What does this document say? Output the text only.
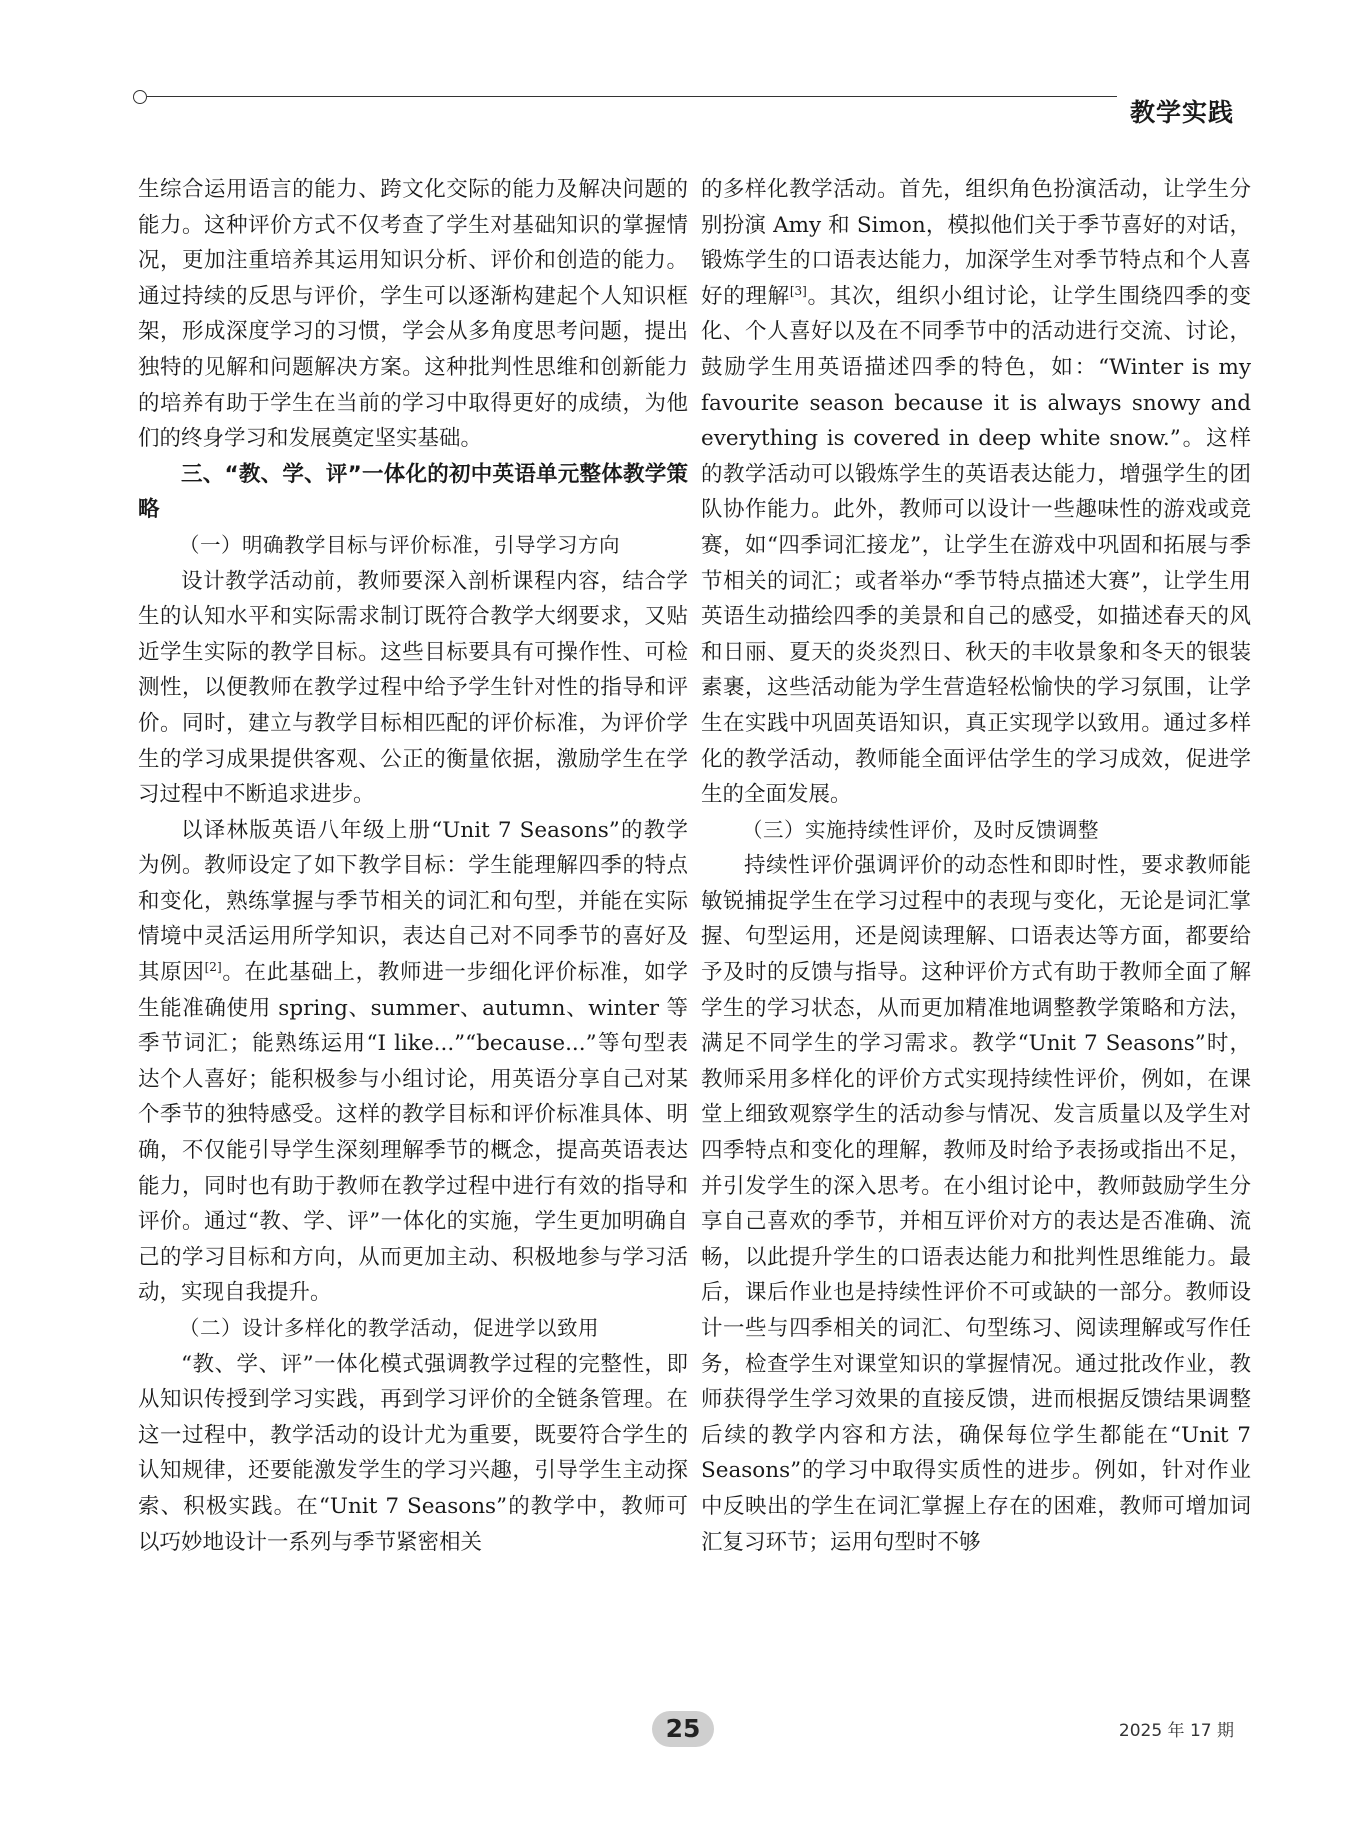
教学实践

生综合运用语言的能力、跨文化交际的能力及解决问题的能力。这种评价方式不仅考查了学生对基础知识的掌握情况，更加注重培养其运用知识分析、评价和创造的能力。通过持续的反思与评价，学生可以逐渐构建起个人知识框架，形成深度学习的习惯，学会从多角度思考问题，提出独特的见解和问题解决方案。这种批判性思维和创新能力的培养有助于学生在当前的学习中取得更好的成绩，为他们的终身学习和发展奠定坚实基础。

三、“教、学、评”一体化的初中英语单元整体教学策略

（一）明确教学目标与评价标准，引导学习方向

设计教学活动前，教师要深入剖析课程内容，结合学生的认知水平和实际需求制订既符合教学大纲要求，又贴近学生实际的教学目标。这些目标要具有可操作性、可检测性，以便教师在教学过程中给予学生针对性的指导和评价。同时，建立与教学目标相匹配的评价标准，为评价学生的学习成果提供客观、公正的衡量依据，激励学生在学习过程中不断追求进步。

以译林版英语八年级上册“Unit 7 Seasons”的教学为例。教师设定了如下教学目标：学生能理解四季的特点和变化，熟练掌握与季节相关的词汇和句型，并能在实际情境中灵活运用所学知识，表达自己对不同季节的喜好及其原因[2]。在此基础上，教师进一步细化评价标准，如学生能准确使用 spring、summer、autumn、winter 等季节词汇；能熟练运用“I like...”“because...”等句型表达个人喜好；能积极参与小组讨论，用英语分享自己对某个季节的独特感受。这样的教学目标和评价标准具体、明确，不仅能引导学生深刻理解季节的概念，提高英语表达能力，同时也有助于教师在教学过程中进行有效的指导和评价。通过“教、学、评”一体化的实施，学生更加明确自己的学习目标和方向，从而更加主动、积极地参与学习活动，实现自我提升。

（二）设计多样化的教学活动，促进学以致用

“教、学、评”一体化模式强调教学过程的完整性，即从知识传授到学习实践，再到学习评价的全链条管理。在这一过程中，教学活动的设计尤为重要，既要符合学生的认知规律，还要能激发学生的学习兴趣，引导学生主动探索、积极实践。在“Unit 7 Seasons”的教学中，教师可以巧妙地设计一系列与季节紧密相关

的多样化教学活动。首先，组织角色扮演活动，让学生分别扮演 Amy 和 Simon，模拟他们关于季节喜好的对话，锻炼学生的口语表达能力，加深学生对季节特点和个人喜好的理解[3]。其次，组织小组讨论，让学生围绕四季的变化、个人喜好以及在不同季节中的活动进行交流、讨论，鼓励学生用英语描述四季的特色，如：“Winter is my favourite season because it is always snowy and everything is covered in deep white snow.”。这样的教学活动可以锻炼学生的英语表达能力，增强学生的团队协作能力。此外，教师可以设计一些趣味性的游戏或竞赛，如“四季词汇接龙”，让学生在游戏中巩固和拓展与季节相关的词汇；或者举办“季节特点描述大赛”，让学生用英语生动描绘四季的美景和自己的感受，如描述春天的风和日丽、夏天的炎炎烈日、秋天的丰收景象和冬天的银装素裹，这些活动能为学生营造轻松愉快的学习氛围，让学生在实践中巩固英语知识，真正实现学以致用。通过多样化的教学活动，教师能全面评估学生的学习成效，促进学生的全面发展。

（三）实施持续性评价，及时反馈调整

持续性评价强调评价的动态性和即时性，要求教师能敏锐捕捉学生在学习过程中的表现与变化，无论是词汇掌握、句型运用，还是阅读理解、口语表达等方面，都要给予及时的反馈与指导。这种评价方式有助于教师全面了解学生的学习状态，从而更加精准地调整教学策略和方法，满足不同学生的学习需求。教学“Unit 7 Seasons”时，教师采用多样化的评价方式实现持续性评价，例如，在课堂上细致观察学生的活动参与情况、发言质量以及学生对四季特点和变化的理解，教师及时给予表扬或指出不足，并引发学生的深入思考。在小组讨论中，教师鼓励学生分享自己喜欢的季节，并相互评价对方的表达是否准确、流畅，以此提升学生的口语表达能力和批判性思维能力。最后，课后作业也是持续性评价不可或缺的一部分。教师设计一些与四季相关的词汇、句型练习、阅读理解或写作任务，检查学生对课堂知识的掌握情况。通过批改作业，教师获得学生学习效果的直接反馈，进而根据反馈结果调整后续的教学内容和方法，确保每位学生都能在“Unit 7 Seasons”的学习中取得实质性的进步。例如，针对作业中反映出的学生在词汇掌握上存在的困难，教师可增加词汇复习环节；运用句型时不够

25	2025 年 17 期
